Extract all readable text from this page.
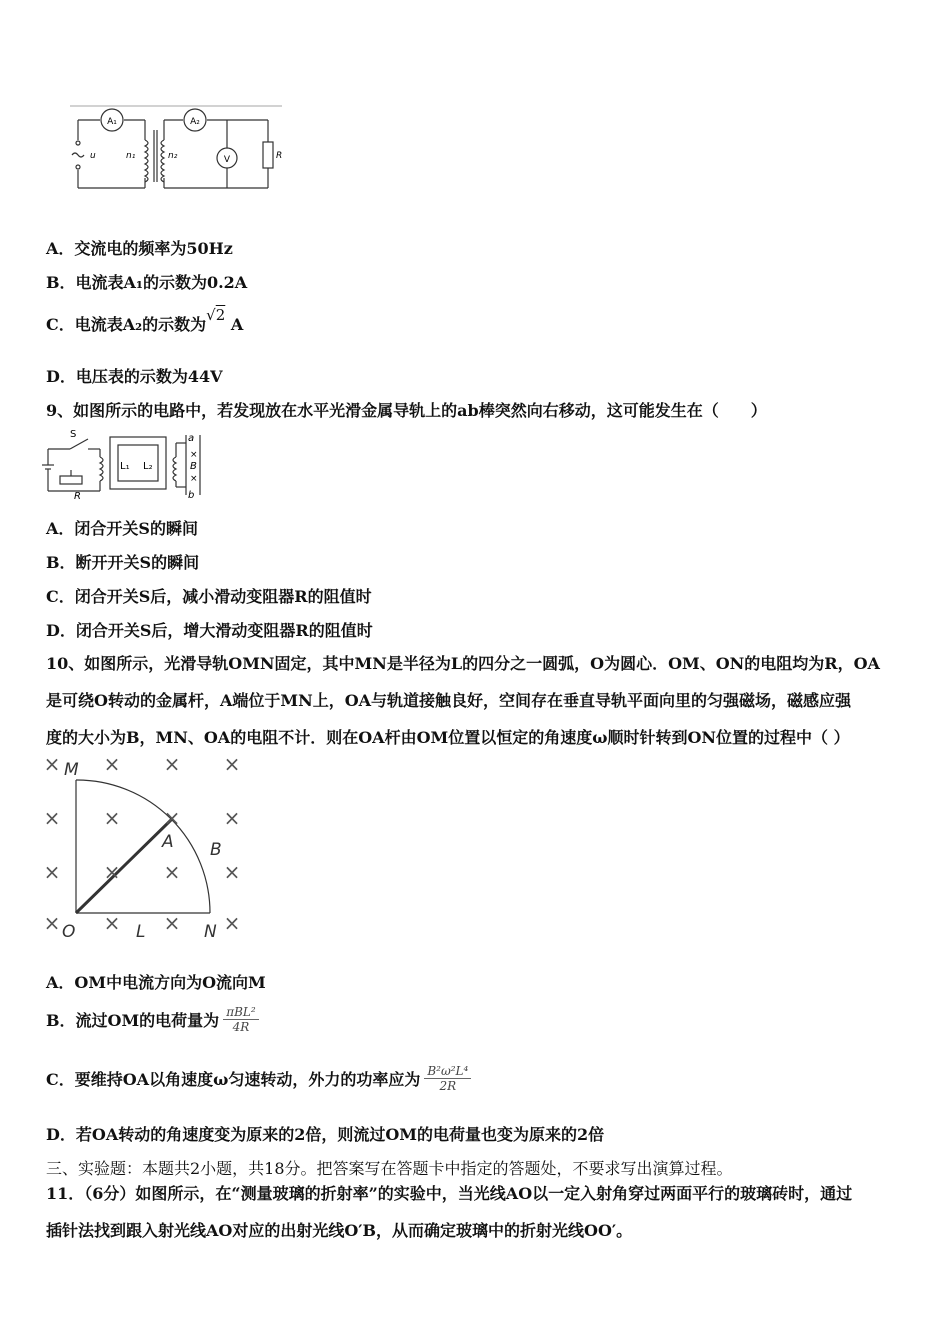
A₁	A₂
V
u	n₁	n₂	R
A．交流电的频率为50Hz
B．电流表A₁的示数为0.2A
C．电流表A₂的示数为√2 A
D．电压表的示数为44V
9、如图所示的电路中，若发现放在水平光滑金属导轨上的ab棒突然向右移动，这可能发生在（　　）
S
L₁ L₂
a
b
B
×
×
R
A．闭合开关S的瞬间
B．断开开关S的瞬间
C．闭合开关S后，减小滑动变阻器R的阻值时
D．闭合开关S后，增大滑动变阻器R的阻值时
10、如图所示，光滑导轨OMN固定，其中MN是半径为L的四分之一圆弧，O为圆心．OM、ON的电阻均为R，OA
是可绕O转动的金属杆，A端位于MN上，OA与轨道接触良好，空间存在垂直导轨平面向里的匀强磁场，磁感应强
度的大小为B，MN、OA的电阻不计．则在OA杆由OM位置以恒定的角速度ω顺时针转到ON位置的过程中（ ）
× × × ×
× × × ×
× × × ×
× × × ×
M
O	L	N
A B
A．OM中电流方向为O流向M
B．流过OM的电荷量为 $\frac{\text{πBL²}}{4R}$
C．要维持OA以角速度ω匀速转动，外力的功率应为 $\frac{\text{B²ω²L⁴}}{2R}$
D．若OA转动的角速度变为原来的2倍，则流过OM的电荷量也变为原来的2倍
三、实验题：本题共2小题，共18分。把答案写在答题卡中指定的答题处，不要求写出演算过程。
11．（6分）如图所示，在“测量玻璃的折射率”的实验中，当光线AO以一定入射角穿过两面平行的玻璃砖时，通过
插针法找到跟入射光线AO对应的出射光线O′B，从而确定玻璃中的折射光线OO′。
